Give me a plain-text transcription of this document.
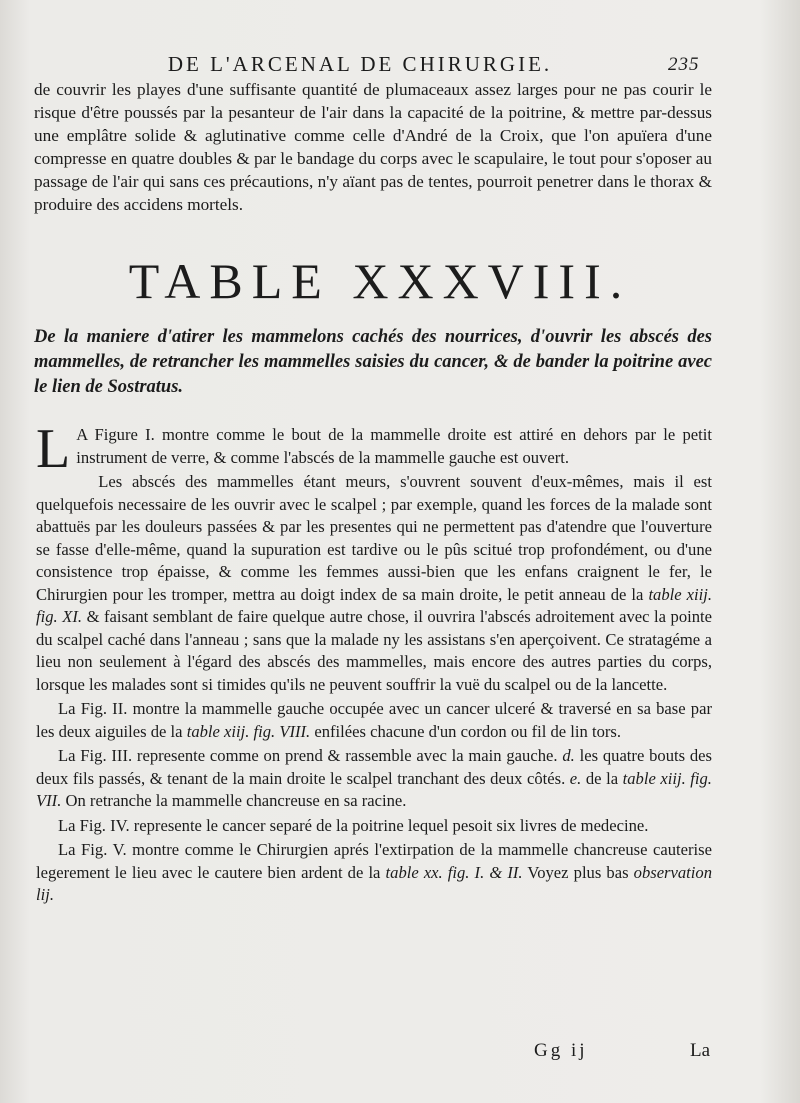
DE L'ARCENAL DE CHIRURGIE.	235

de couvrir les playes d'une suffisante quantité de plumaceaux assez larges pour ne pas courir le risque d'être poussés par la pesanteur de l'air dans la capacité de la poitrine, & mettre par-dessus une emplâtre solide & aglutinative comme celle d'André de la Croix, que l'on apuïera d'une compresse en quatre doubles & par le bandage du corps avec le scapulaire, le tout pour s'oposer au passage de l'air qui sans ces précautions, n'y aïant pas de tentes, pourroit penetrer dans le thorax & produire des accidens mortels.

TABLE XXXVIII.
De la maniere d'atirer les mammelons cachés des nourrices, d'ouvrir les abscés des mammelles, de retrancher les mammelles saisies du cancer, & de bander la poitrine avec le lien de Sostratus.

L A Figure I. montre comme le bout de la mammelle droite est attiré en dehors par le petit instrument de verre, & comme l'abscés de la mammelle gauche est ouvert.

Les abscés des mammelles étant meurs, s'ouvrent souvent d'eux-mêmes, mais il est quelquefois necessaire de les ouvrir avec le scalpel ; par exemple, quand les forces de la malade sont abattuës par les douleurs passées & par les presentes qui ne permettent pas d'atendre que l'ouverture se fasse d'elle-même, quand la supuration est tardive ou le pûs scitué trop profondément, ou d'une consistence trop épaisse, & comme les femmes aussi-bien que les enfans craignent le fer, le Chirurgien pour les tromper, mettra au doigt index de sa main droite, le petit anneau de la table xiij. fig. XI. & faisant semblant de faire quelque autre chose, il ouvrira l'abscés adroitement avec la pointe du scalpel caché dans l'anneau ; sans que la malade ny les assistans s'en aperçoivent. Ce stratagéme a lieu non seulement à l'égard des abscés des mammelles, mais encore des autres parties du corps, lorsque les malades sont si timides qu'ils ne peuvent souffrir la vuë du scalpel ou de la lancette.

La Fig. II. montre la mammelle gauche occupée avec un cancer ulceré & traversé en sa base par les deux aiguiles de la table xiij. fig. VIII. enfilées chacune d'un cordon ou fil de lin tors.

La Fig. III. represente comme on prend & rassemble avec la main gauche. d. les quatre bouts des deux fils passés, & tenant de la main droite le scalpel tranchant des deux côtés. e. de la table xiij. fig. VII. On retranche la mammelle chancreuse en sa racine.

La Fig. IV. represente le cancer separé de la poitrine lequel pesoit six livres de medecine.

La Fig. V. montre comme le Chirurgien aprés l'extirpation de la mammelle chancreuse cauterise legerement le lieu avec le cautere bien ardent de la table xx. fig. I. & II. Voyez plus bas observation lij.

Gg ij	La
